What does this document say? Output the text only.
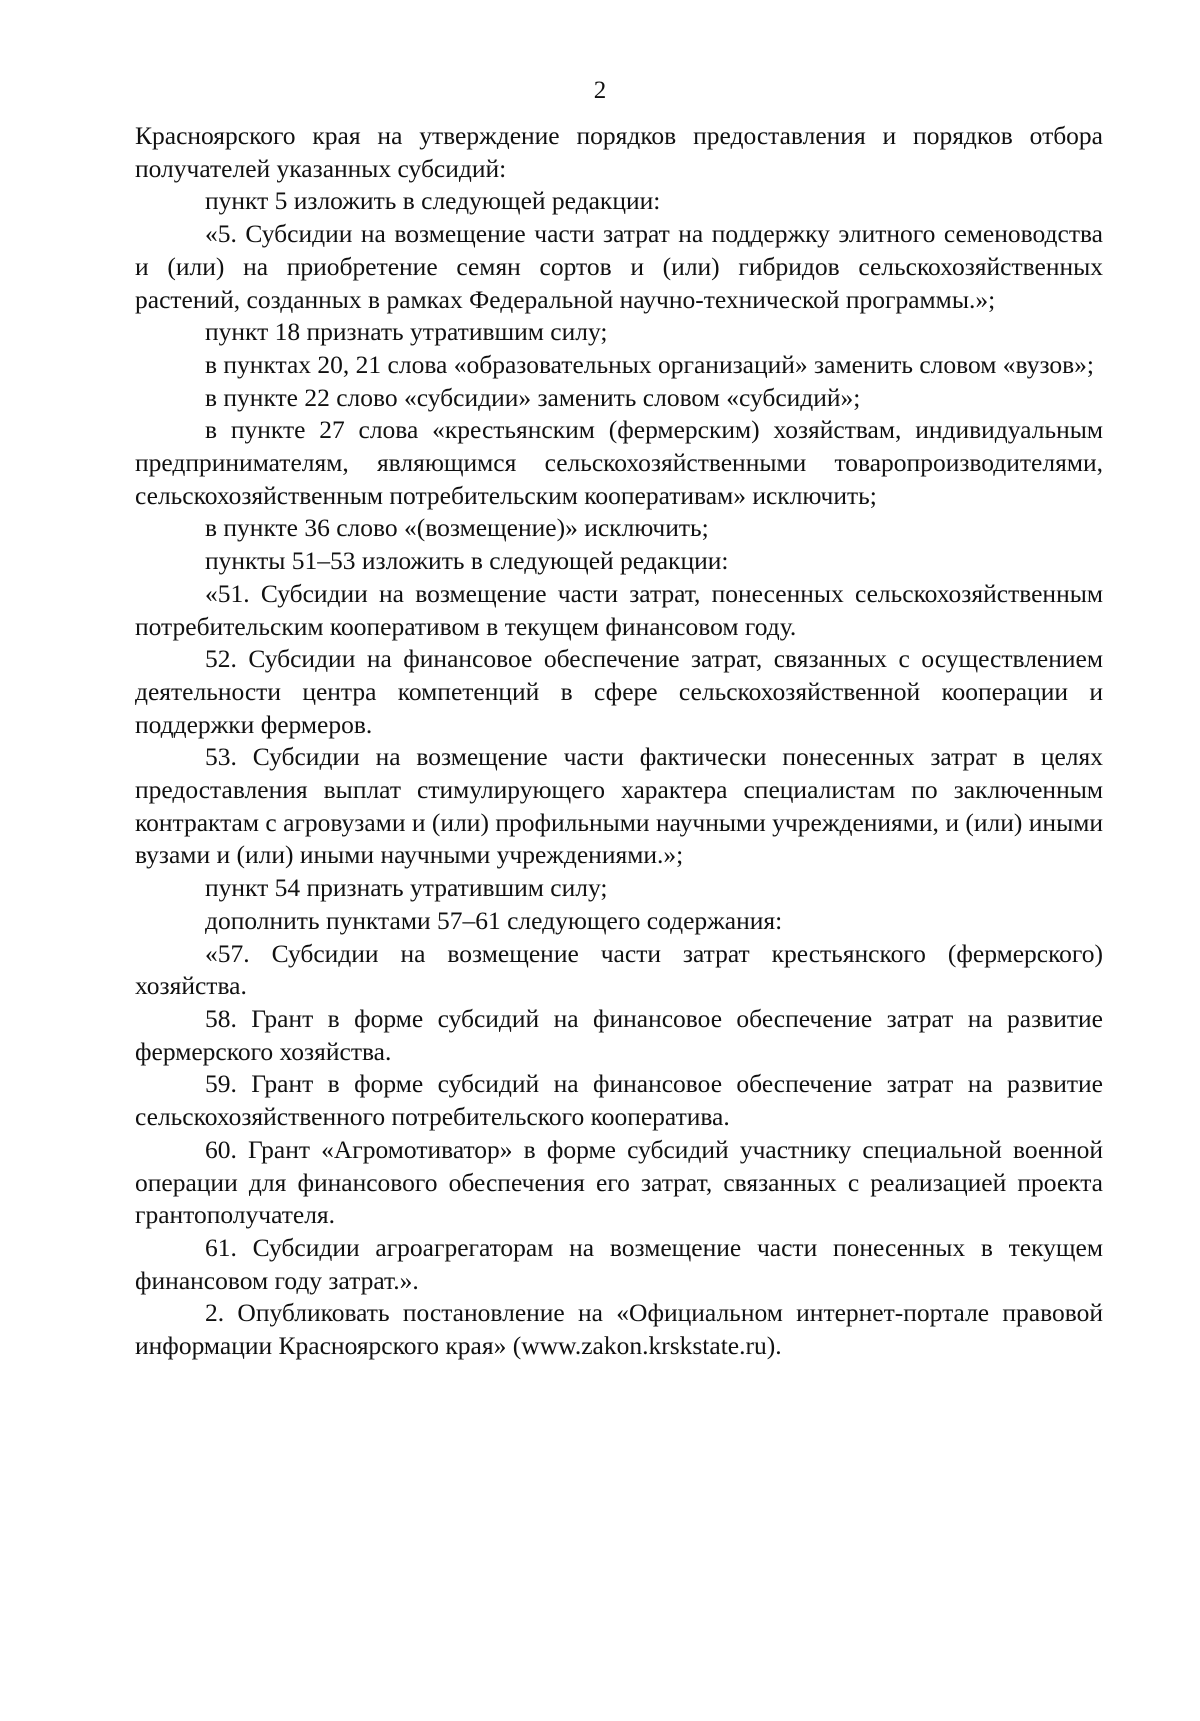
2

Красноярского края на утверждение порядков предоставления и порядков отбора получателей указанных субсидий:

пункт 5 изложить в следующей редакции:

«5. Субсидии на возмещение части затрат на поддержку элитного семеноводства и (или) на приобретение семян сортов и (или) гибридов сельскохозяйственных растений, созданных в рамках Федеральной научно-технической программы.»;

пункт 18 признать утратившим силу;

в пунктах 20, 21 слова «образовательных организаций» заменить словом «вузов»;

в пункте 22 слово «субсидии» заменить словом «субсидий»;

в пункте 27 слова «крестьянским (фермерским) хозяйствам, индивидуальным предпринимателям, являющимся сельскохозяйственными товаропроизводителями, сельскохозяйственным потребительским кооперативам» исключить;

в пункте 36 слово «(возмещение)» исключить;

пункты 51–53 изложить в следующей редакции:

«51. Субсидии на возмещение части затрат, понесенных сельскохозяйственным потребительским кооперативом в текущем финансовом году.

52. Субсидии на финансовое обеспечение затрат, связанных с осуществлением деятельности центра компетенций в сфере сельскохозяйственной кооперации и поддержки фермеров.

53. Субсидии на возмещение части фактически понесенных затрат в целях предоставления выплат стимулирующего характера специалистам по заключенным контрактам с агровузами и (или) профильными научными учреждениями, и (или) иными вузами и (или) иными научными учреждениями.»;

пункт 54 признать утратившим силу;

дополнить пунктами 57–61 следующего содержания:

«57. Субсидии на возмещение части затрат крестьянского (фермерского) хозяйства.

58. Грант в форме субсидий на финансовое обеспечение затрат на развитие фермерского хозяйства.

59. Грант в форме субсидий на финансовое обеспечение затрат на развитие сельскохозяйственного потребительского кооператива.

60. Грант «Агромотиватор» в форме субсидий участнику специальной военной операции для финансового обеспечения его затрат, связанных с реализацией проекта грантополучателя.

61. Субсидии агроагрегаторам на возмещение части понесенных в текущем финансовом году затрат.».

2. Опубликовать постановление на «Официальном интернет-портале правовой информации Красноярского края» (www.zakon.krskstate.ru).
